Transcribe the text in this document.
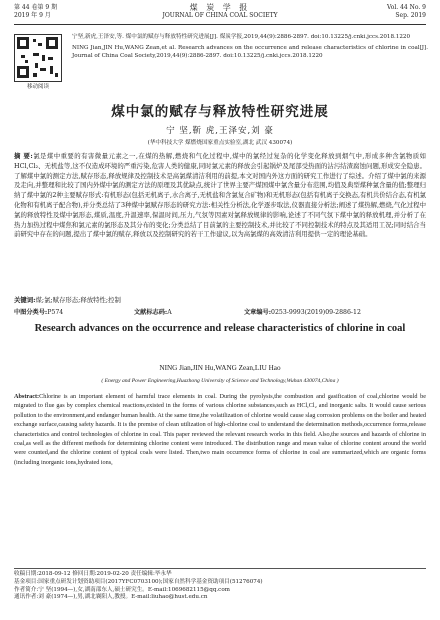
第 44 卷第 9 期
2019 年 9 月
煤 炭 学 报
JOURNAL OF CHINA COAL SOCIETY
Vol. 44 No. 9
Sep. 2019
移动阅读

宁坚,新虎,王泽安,等. 煤中氯的赋存与释放特性研究进展[J]. 煤炭学报,2019,44(9):2886-2897. doi:10.13225/j.cnki.jccs.2018.1220

NING Jian,JIN Hu,WANG Zean,et al. Research advances on the occurrence and release characteristics of chlorine in coal[J]. Journal of China Coal Society,2019,44(9):2886-2897. doi:10.13225/j.cnki.jccs.2018.1220

煤中氯的赋存与释放特性研究进展
宁 坚,靳 虎,王泽安,刘 豪
(华中科技大学 煤燃烧国家重点实验室,湖北 武汉 430074)
摘 要:氯是煤中重要的有害微量元素之一,在煤的热解,燃烧和气化过程中,煤中的氯经过复杂的化学变化释放到烟气中,形成多种含氯物质如 HCl,Cl₂、无机盐等,这不仅造成环境的严重污染,危害人类的健康,同时氯元素的释放会引起锅炉及尾部受热面的沾污结渣腐蚀问题,形成安全隐患。了解煤中氯的测定方法,赋存形态,释放规律及控制技术是高氯煤清洁利用的前提,本文对国内外这方面的研究工作进行了综述。介绍了煤中氯的来源及走向,并整理和比较了国内外煤中氯的测定方法的原理及其优缺点,统计了世界主要产煤国煤中氯含量分布范围,均值及典型煤种氯含量的值;整理归纳了煤中氯的2种主要赋存形式:有机形态(包括无机离子,水合离子,无机盐和含氯复合矿物)和无机形态(包括有机离子交换态,有机共价结合态,有机氯化物和有机离子配合物),并分类总结了3种煤中氯赋存形态的研究方法:相关性分析法,化学逐步取法,仪器直接分析法;阐述了煤热解,燃烧,气化过程中氯的释放特性及煤中氯形态,煤质,温度,升温速率,保温时间,压力,气氛等因素对氯释放规律的影响,论述了不同气氛下煤中氯的释放机理,并分析了在热力加热过程中煤焦和氯元素的氯形态及其分布的变化;分类总结了目前氯的主要控制技术,并比较了不同控制技术的特点及其适用工况;同时结合当前研究中存在的问题,提出了煤中氯的赋存,释放以及控制研究的若干工作建议,以为高氯煤的高效清洁利用提供一定的理论基础。
关键词:煤;氯;赋存形态;释放特性;控制
中图分类号:P574	文献标志码:A	文章编号:0253-9993(2019)09-2886-12
Research advances on the occurrence and release characteristics of chlorine in coal
NING Jian,JIN Hu,WANG Zean,LIU Hao
( Energy and Power Engineering,Huazhong University of Science and Technology,Wuhan 430074,China )
Abstract:Chlorine is an important element of harmful trace elements in coal. During the pyrolysis,the combustion and gasification of coal,chlorine would be migrated to flue gas by complex chemical reactions,existed in the forms of various chlorine substances,such as HCl,Cl₂ and inorganic salts. It would cause serious pollution to the environment,and endanger human health. At the same time,the volatilization of chlorine would cause slag corrosion problems on the boiler and heated exchange surface,causing safety hazards. It is the premise of clean utilization of high-chlorine coal to understand the determination methods,occurrence forms,release characteristics and control technologies of chlorine in coal. This paper reviewed the relevant research works in this field. Also,the sources and hazards of chlorine in coal,as well as the different methods for determining chlorine content were introduced. The distribution range and mean value of chlorine content around the world were counted,and the chlorine content of typical coals were listed. Then,two main occurrence forms of chlorine in coal are summarized,which are organic forms (including inorganic ions,hydrated ions,

收稿日期:2018-09-12 修回日期:2019-02-20 责任编辑:毕永华

基金项目:国家重点研发计划资助项目(2017YFC0703100);国家自然科学基金资助项目(51276074)

作者简介:宁 坚(1994—),女,湖南邵东人,硕士研究生。E-mail:1069682115@qq.com

通讯作者:刘 豪(1974—),男,湖北襄阳人,教授。E-mail:liuhao@hust.edu.cn
